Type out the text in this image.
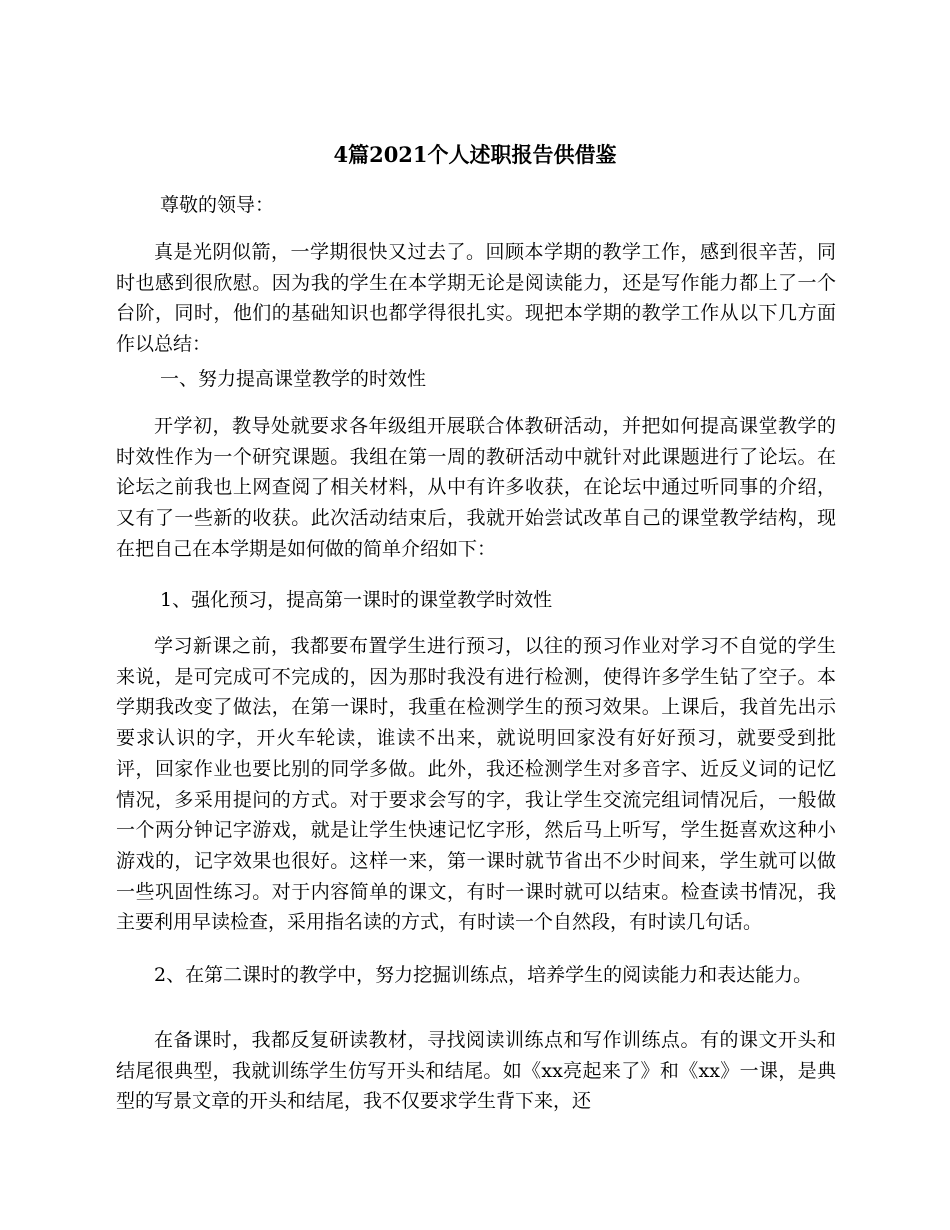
4篇2021个人述职报告供借鉴
尊敬的领导：
真是光阴似箭，一学期很快又过去了。回顾本学期的教学工作，感到很辛苦，同时也感到很欣慰。因为我的学生在本学期无论是阅读能力，还是写作能力都上了一个台阶，同时，他们的基础知识也都学得很扎实。现把本学期的教学工作从以下几方面作以总结：
一、努力提高课堂教学的时效性
开学初，教导处就要求各年级组开展联合体教研活动，并把如何提高课堂教学的时效性作为一个研究课题。我组在第一周的教研活动中就针对此课题进行了论坛。在论坛之前我也上网查阅了相关材料，从中有许多收获，在论坛中通过听同事的介绍，又有了一些新的收获。此次活动结束后，我就开始尝试改革自己的课堂教学结构，现在把自己在本学期是如何做的简单介绍如下：
1、强化预习，提高第一课时的课堂教学时效性
学习新课之前，我都要布置学生进行预习，以往的预习作业对学习不自觉的学生来说，是可完成可不完成的，因为那时我没有进行检测，使得许多学生钻了空子。本学期我改变了做法，在第一课时，我重在检测学生的预习效果。上课后，我首先出示要求认识的字，开火车轮读，谁读不出来，就说明回家没有好好预习，就要受到批评，回家作业也要比别的同学多做。此外，我还检测学生对多音字、近反义词的记忆情况，多采用提问的方式。对于要求会写的字，我让学生交流完组词情况后，一般做一个两分钟记字游戏，就是让学生快速记忆字形，然后马上听写，学生挺喜欢这种小游戏的，记字效果也很好。这样一来，第一课时就节省出不少时间来，学生就可以做一些巩固性练习。对于内容简单的课文，有时一课时就可以结束。检查读书情况，我主要利用早读检查，采用指名读的方式，有时读一个自然段，有时读几句话。
2、在第二课时的教学中，努力挖掘训练点，培养学生的阅读能力和表达能力。
在备课时，我都反复研读教材，寻找阅读训练点和写作训练点。有的课文开头和结尾很典型，我就训练学生仿写开头和结尾。如《xx亮起来了》和《xx》一课，是典型的写景文章的开头和结尾，我不仅要求学生背下来，还
